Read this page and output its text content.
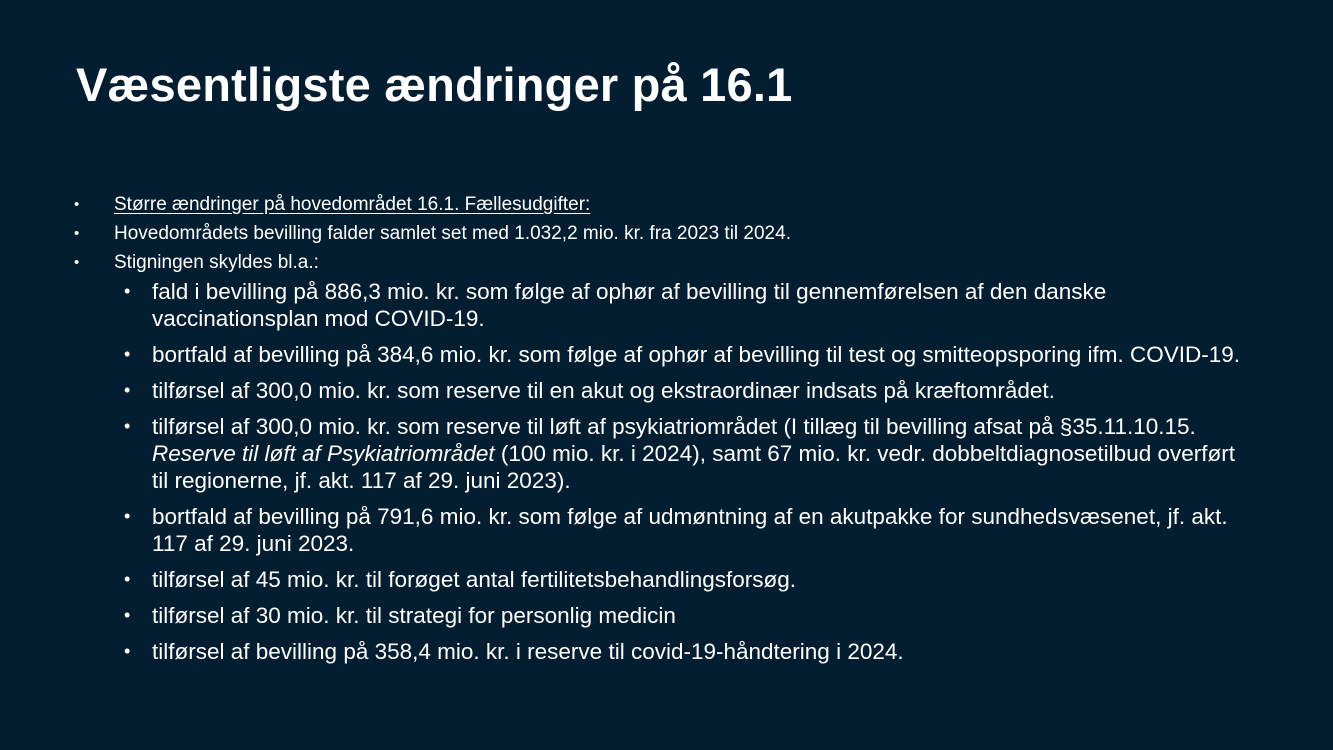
Væsentligste ændringer på 16.1
• Større ændringer på hovedområdet 16.1. Fællesudgifter:
• Hovedområdets bevilling falder samlet set med 1.032,2 mio. kr. fra 2023 til 2024.
• Stigningen skyldes bl.a.:
• fald i bevilling på 886,3 mio. kr. som følge af ophør af bevilling til gennemførelsen af den danske vaccinationsplan mod COVID-19.
• bortfald af bevilling på 384,6 mio. kr. som følge af ophør af bevilling til test og smitteopsporing ifm. COVID-19.
• tilførsel af 300,0 mio. kr. som reserve til en akut og ekstraordinær indsats på kræftområdet.
• tilførsel af 300,0 mio. kr. som reserve til løft af psykiatriområdet (I tillæg til bevilling afsat på §35.11.10.15. Reserve til løft af Psykiatriområdet (100 mio. kr. i 2024), samt 67 mio. kr. vedr. dobbeltdiagnosetilbud overført til regionerne, jf. akt. 117 af 29. juni 2023).
• bortfald af bevilling på 791,6 mio. kr. som følge af udmøntning af en akutpakke for sundhedsvæsenet, jf. akt. 117 af 29. juni 2023.
• tilførsel af 45 mio. kr. til forøget antal fertilitetsbehandlingsforsøg.
• tilførsel af 30 mio. kr. til strategi for personlig medicin
• tilførsel af bevilling på 358,4 mio. kr. i reserve til covid-19-håndtering i 2024.
